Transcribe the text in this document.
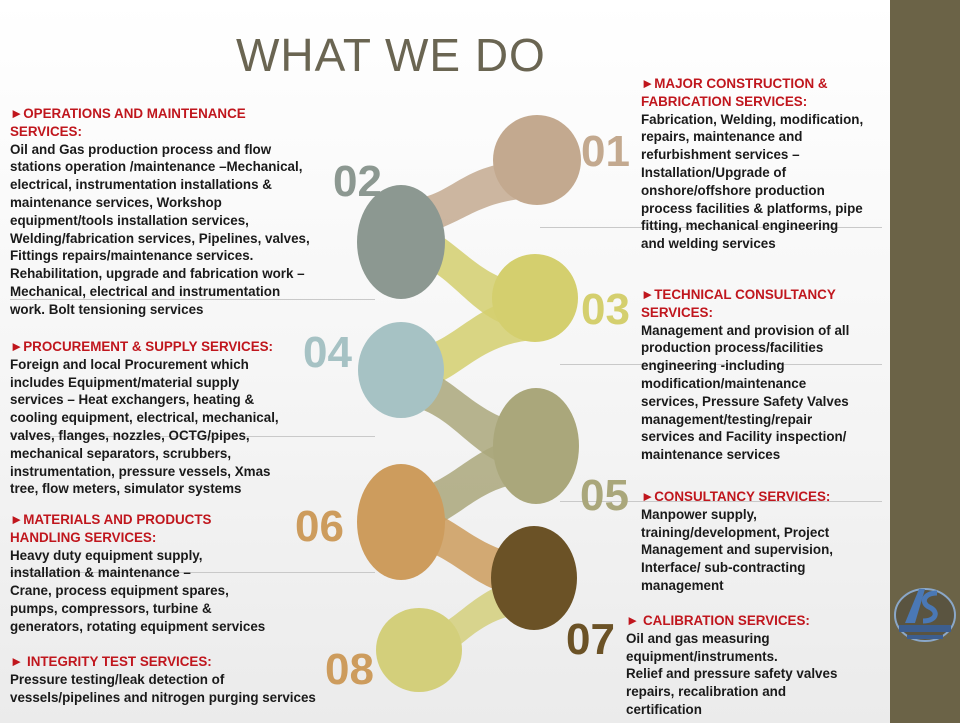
WHAT WE DO
01
02
03
04
05
06
07
08
►OPERATIONS AND MAINTENANCE
SERVICES:
Oil and Gas production process and flow
stations operation /maintenance –Mechanical,
electrical, instrumentation installations &
maintenance services, Workshop
equipment/tools installation services,
Welding/fabrication services, Pipelines, valves,
Fittings repairs/maintenance services.
Rehabilitation, upgrade and fabrication work –
Mechanical, electrical and instrumentation
work. Bolt tensioning services
►PROCUREMENT & SUPPLY SERVICES:
Foreign and local Procurement which
includes Equipment/material supply
services – Heat exchangers, heating &
cooling equipment, electrical, mechanical,
valves, flanges, nozzles, OCTG/pipes,
mechanical separators, scrubbers,
instrumentation, pressure vessels, Xmas
tree, flow meters, simulator systems
►MATERIALS AND PRODUCTS
HANDLING SERVICES:
Heavy duty equipment supply,
installation & maintenance –
Crane, process equipment spares,
pumps, compressors, turbine &
generators, rotating equipment services
► INTEGRITY TEST SERVICES:
Pressure testing/leak detection of
vessels/pipelines and nitrogen purging services
►MAJOR CONSTRUCTION &
FABRICATION SERVICES:
Fabrication, Welding, modification,
repairs, maintenance and
refurbishment services –
Installation/Upgrade of
onshore/offshore production
process facilities & platforms, pipe
fitting, mechanical engineering
and welding services
►TECHNICAL CONSULTANCY
SERVICES:
Management and provision of all
production process/facilities
engineering -including
modification/maintenance
services, Pressure Safety Valves
management/testing/repair
services and Facility inspection/
maintenance services
►CONSULTANCY SERVICES:
Manpower supply,
training/development, Project
Management and supervision,
Interface/ sub-contracting
management
► CALIBRATION SERVICES:
Oil and gas measuring
equipment/instruments.
Relief and pressure safety valves
repairs, recalibration and
certification
